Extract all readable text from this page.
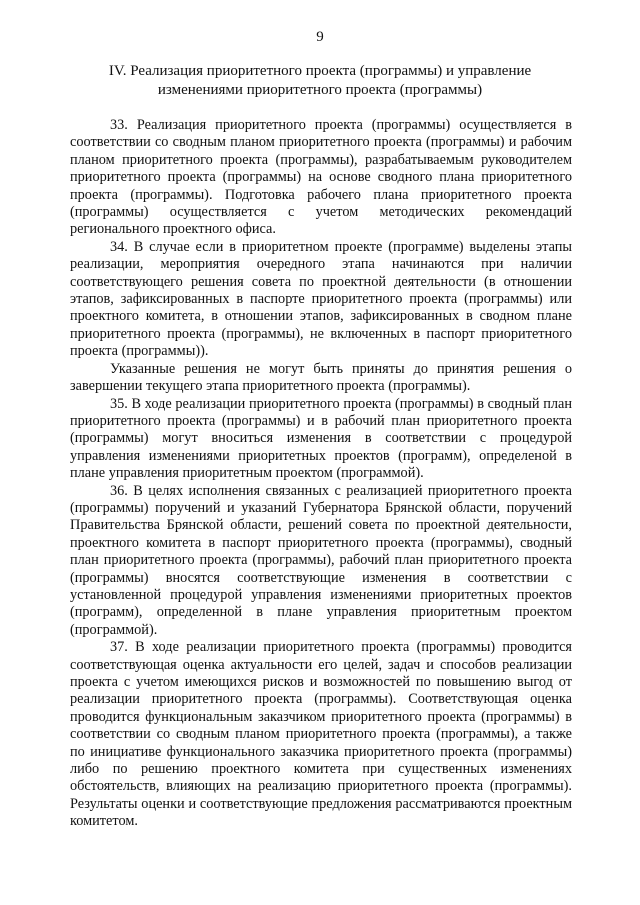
9
IV. Реализация приоритетного проекта (программы) и управление изменениями приоритетного проекта (программы)

33. Реализация приоритетного проекта (программы) осуществляется в соответствии со сводным планом приоритетного проекта (программы) и рабочим планом приоритетного проекта (программы), разрабатываемым руководителем приоритетного проекта (программы) на основе сводного плана приоритетного проекта (программы). Подготовка рабочего плана приоритетного проекта (программы) осуществляется с учетом методических рекомендаций регионального проектного офиса.

34. В случае если в приоритетном проекте (программе) выделены этапы реализации, мероприятия очередного этапа начинаются при наличии соответствующего решения совета по проектной деятельности (в отношении этапов, зафиксированных в паспорте приоритетного проекта (программы) или проектного комитета, в отношении этапов, зафиксированных в сводном плане приоритетного проекта (программы), не включенных в паспорт приоритетного проекта (программы)).

Указанные решения не могут быть приняты до принятия решения о завершении текущего этапа приоритетного проекта (программы).

35. В ходе реализации приоритетного проекта (программы) в сводный план приоритетного проекта (программы) и в рабочий план приоритетного проекта (программы) могут вноситься изменения в соответствии с процедурой управления изменениями приоритетных проектов (программ), определеной в плане управления приоритетным проектом (программой).

36. В целях исполнения связанных с реализацией приоритетного проекта (программы) поручений и указаний Губернатора Брянской области, поручений Правительства Брянской области, решений совета по проектной деятельности, проектного комитета в паспорт приоритетного проекта (программы), сводный план приоритетного проекта (программы), рабочий план приоритетного проекта (программы) вносятся соответствующие изменения в соответствии с установленной процедурой управления изменениями приоритетных проектов (программ), определенной в плане управления приоритетным проектом (программой).

37. В ходе реализации приоритетного проекта (программы) проводится соответствующая оценка актуальности его целей, задач и способов реализации проекта с учетом имеющихся рисков и возможностей по повышению выгод от реализации приоритетного проекта (программы). Соответствующая оценка проводится функциональным заказчиком приоритетного проекта (программы) в соответствии со сводным планом приоритетного проекта (программы), а также по инициативе функционального заказчика приоритетного проекта (программы) либо по решению проектного комитета при существенных изменениях обстоятельств, влияющих на реализацию приоритетного проекта (программы). Результаты оценки и соответствующие предложения рассматриваются проектным комитетом.
